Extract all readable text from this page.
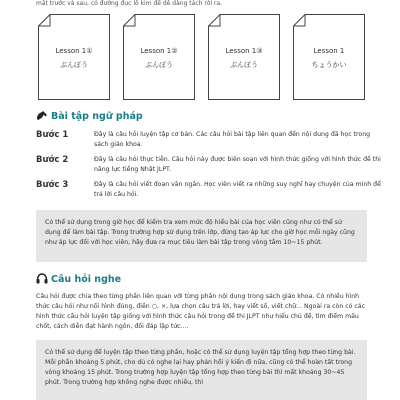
mặt trước và sau, có đường đục lỗ kim để dễ dàng tách rời ra.
Lesson 1①
ぶんぽう
Lesson 1②
ぶんぽう
Lesson 1③
ぶんぽう
Lesson 1
ちょうかい
Bài tập ngữ pháp
Bước 1	Đây là câu hỏi luyện tập cơ bản. Các câu hỏi bài tập liên quan đến nội dung đã học trong sách giáo khoa.
Bước 2	Đây là câu hỏi thực tiễn. Câu hỏi này được biên soạn với hình thức giống với hình thức đề thi năng lực tiếng Nhật JLPT.
Bước 3	Đây là câu hỏi viết đoạn văn ngắn. Học viên viết ra những suy nghĩ hay chuyện của mình để trả lời câu hỏi.
Có thể sử dụng trong giờ học để kiểm tra xem mức độ hiểu bài của học viên cũng như có thể sử dụng để làm bài tập. Trong trường hợp sử dụng trên lớp, đừng tạo áp lực cho giờ học mỗi ngày cũng như áp lực đối với học viên, hãy đưa ra mục tiêu làm bài tập trong vòng tầm 10~15 phút.
Câu hỏi nghe
Câu hỏi được chia theo từng phần liên quan với từng phần nội dung trong sách giáo khoa. Có nhiều hình thức câu hỏi như nối hình đúng, điền ○, ×, lựa chọn câu trả lời, hay viết số, viết chữ... Ngoài ra còn có các hình thức câu hỏi luyện tập giống với hình thức câu hỏi trong đề thi JLPT như hiểu chủ đề, tìm điểm mấu chốt, cách diễn đạt hành ngôn, đối đáp lập tức....
Có thể sử dụng để luyện tập theo từng phần, hoặc có thể sử dụng luyện tập tổng hợp theo từng bài. Mỗi phần khoảng 5 phút, cho dù có nghe lại hay phản hồi ý kiến đi nữa, cũng có thể hoàn tất trong vòng khoảng 15 phút. Trong trường hợp luyện tập tổng hợp theo từng bài thì mất khoảng 30~45 phút. Trong trường hợp không nghe được nhiều, thì
